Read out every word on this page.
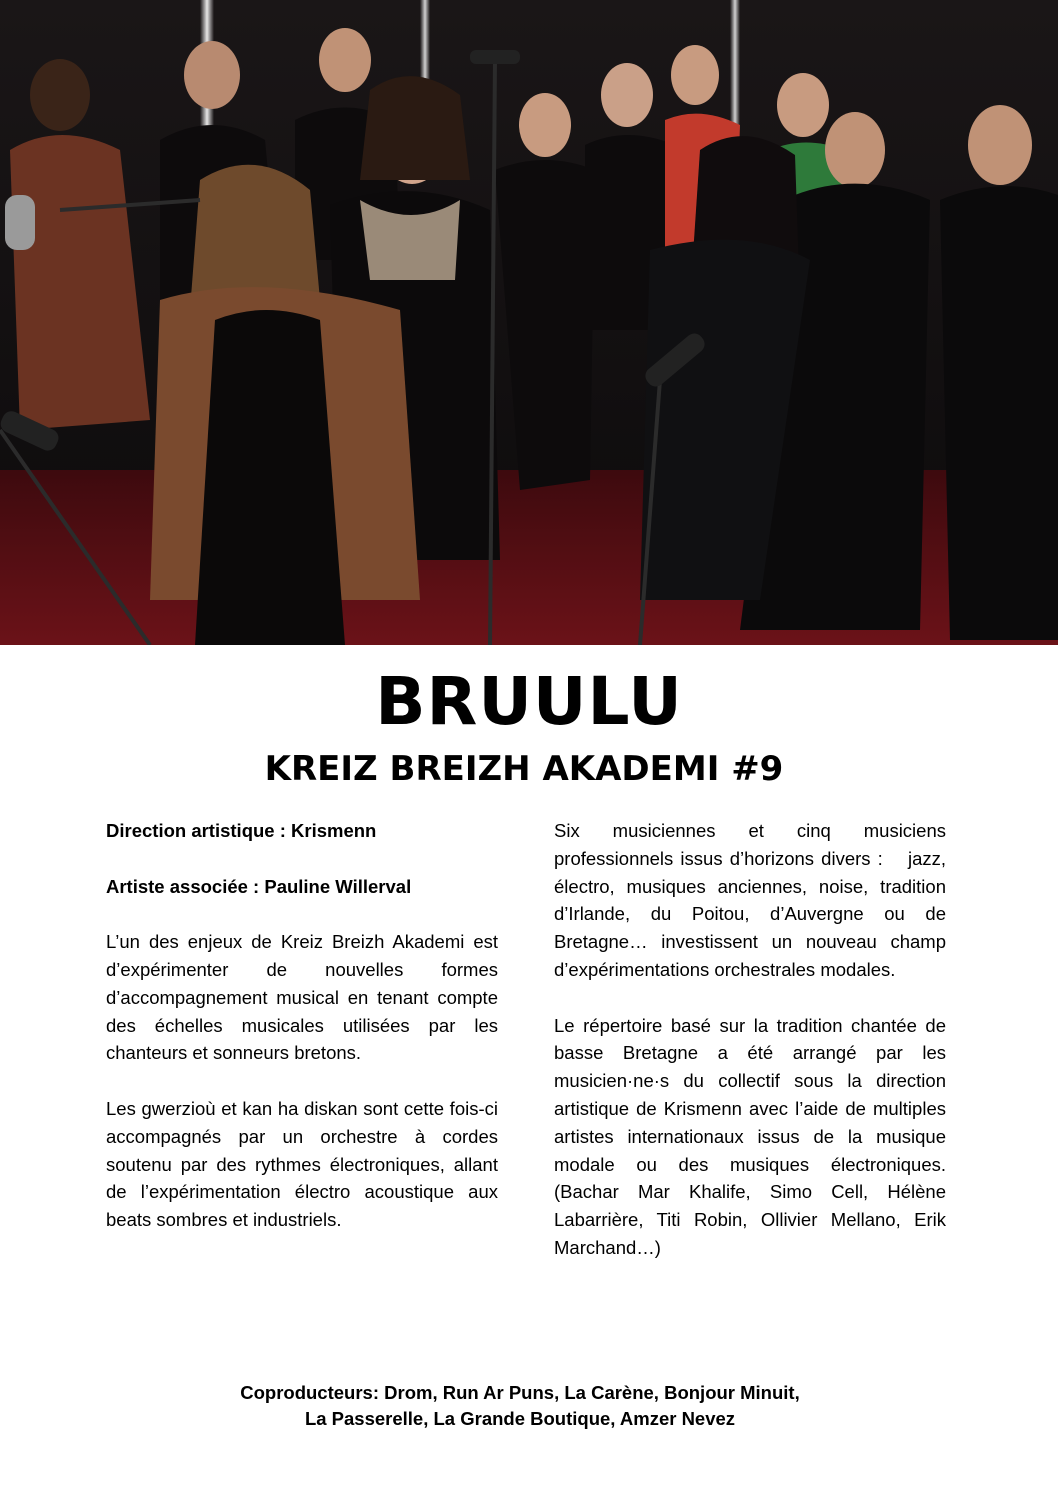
BRUULU
KREIZ BREIZH AKADEMI #9

Direction artistique : Krismenn

Artiste associée : Pauline Willerval

L’un des enjeux de Kreiz Breizh Akademi est d’expérimenter de nouvelles formes d’accompagnement musical en tenant compte des échelles musicales utilisées par les chanteurs et sonneurs bretons.

Les gwerzioù et kan ha diskan sont cette fois-ci accompagnés par un orchestre à cordes soutenu par des rythmes électroniques, allant de l’expérimentation électro acoustique aux beats sombres et industriels.

Six musiciennes et cinq musiciens professionnels issus d’horizons divers : jazz, électro, musiques anciennes, noise, tradition d’Irlande, du Poitou, d’Auvergne ou de Bretagne… investissent un nouveau champ d’expérimentations orchestrales modales.

Le répertoire basé sur la tradition chantée de basse Bretagne a été arrangé par les musicien·ne·s du collectif sous la direction artistique de Krismenn avec l’aide de multiples artistes internationaux issus de la musique modale ou des musiques électroniques. (Bachar Mar Khalife, Simo Cell, Hélène Labarrière, Titi Robin, Ollivier Mellano, Erik Marchand…)

Coproducteurs: Drom, Run Ar Puns, La Carène, Bonjour Minuit,
La Passerelle, La Grande Boutique, Amzer Nevez
